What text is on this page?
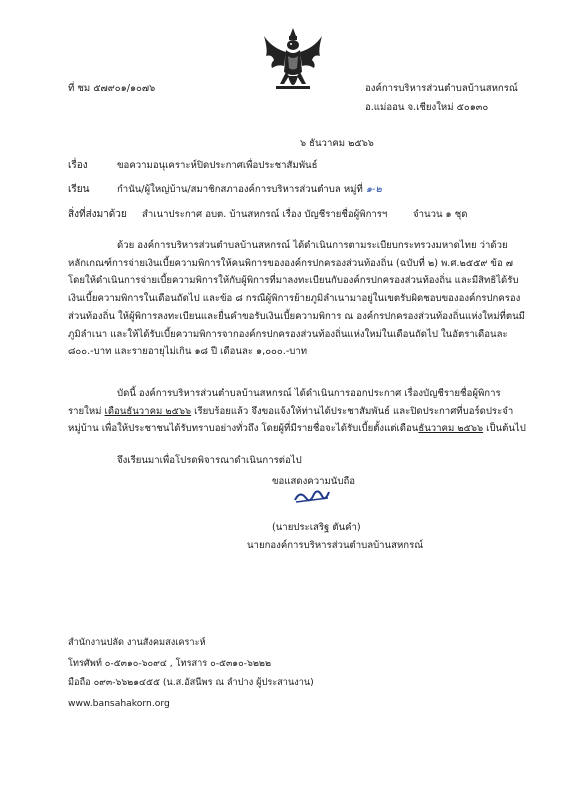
ที่ ชม ๕๗๙๐๑/๑๐๗๖	องค์การบริหารส่วนตำบลบ้านสหกรณ์
อ.แม่ออน จ.เชียงใหม่ ๕๐๑๓๐
๖ ธันวาคม ๒๕๖๖
เรื่อง	ขอความอนุเคราะห์ปิดประกาศเพื่อประชาสัมพันธ์
เรียน	กำนัน/ผู้ใหญ่บ้าน/สมาชิกสภาองค์การบริหารส่วนตำบล หมู่ที่ ๑-๒
สิ่งที่ส่งมาด้วย สำเนาประกาศ อบต. บ้านสหกรณ์ เรื่อง บัญชีรายชื่อผู้พิการฯ	จำนวน ๑ ชุด
ด้วย องค์การบริหารส่วนตำบลบ้านสหกรณ์ ได้ดำเนินการตามระเบียบกระทรวงมหาดไทย ว่าด้วย
หลักเกณฑ์การจ่ายเงินเบี้ยความพิการให้คนพิการขององค์กรปกครองส่วนท้องถิ่น (ฉบับที่ ๒) พ.ศ.๒๕๕๙ ข้อ ๗
โดยให้ดำเนินการจ่ายเบี้ยความพิการให้กับผู้พิการที่มาลงทะเบียนกับองค์กรปกครองส่วนท้องถิ่น และมีสิทธิได้รับ
เงินเบี้ยความพิการในเดือนถัดไป และข้อ ๘ กรณีผู้พิการย้ายภูมิลำเนามาอยู่ในเขตรับผิดชอบขององค์กรปกครอง
ส่วนท้องถิ่น ให้ผู้พิการลงทะเบียนและยื่นคำขอรับเงินเบี้ยความพิการ ณ องค์กรปกครองส่วนท้องถิ่นแห่งใหม่ที่ตนมี
ภูมิลำเนา และให้ได้รับเบี้ยความพิการจากองค์กรปกครองส่วนท้องถิ่นแห่งใหม่ในเดือนถัดไป ในอัตราเดือนละ
๘๐๐.-บาท และรายอายุไม่เกิน ๑๘ ปี เดือนละ ๑,๐๐๐.-บาท
บัดนี้ องค์การบริหารส่วนตำบลบ้านสหกรณ์ ได้ดำเนินการออกประกาศ เรื่องบัญชีรายชื่อผู้พิการ
รายใหม่ เดือนธันวาคม ๒๕๖๖ เรียบร้อยแล้ว จึงขอแจ้งให้ท่านได้ประชาสัมพันธ์ และปิดประกาศที่บอร์ดประจำ
หมู่บ้าน เพื่อให้ประชาชนได้รับทราบอย่างทั่วถึง โดยผู้ที่มีรายชื่อจะได้รับเบี้ยตั้งแต่เดือนธันวาคม ๒๕๖๖ เป็นต้นไป
จึงเรียนมาเพื่อโปรดพิจารณาดำเนินการต่อไป
ขอแสดงความนับถือ
(นายประเสริฐ ตันคำ)
นายกองค์การบริหารส่วนตำบลบ้านสหกรณ์
สำนักงานปลัด งานสังคมสงเคราะห์
โทรศัพท์ ๐-๕๓๑๐-๖๐๙๔ , โทรสาร ๐-๕๓๑๐-๖๒๒๒
มือถือ ๐๙๓-๖๖๒๑๔๕๕ (น.ส.อัสนีพร ณ ลำปาง ผู้ประสานงาน)
www.bansahakorn.org
